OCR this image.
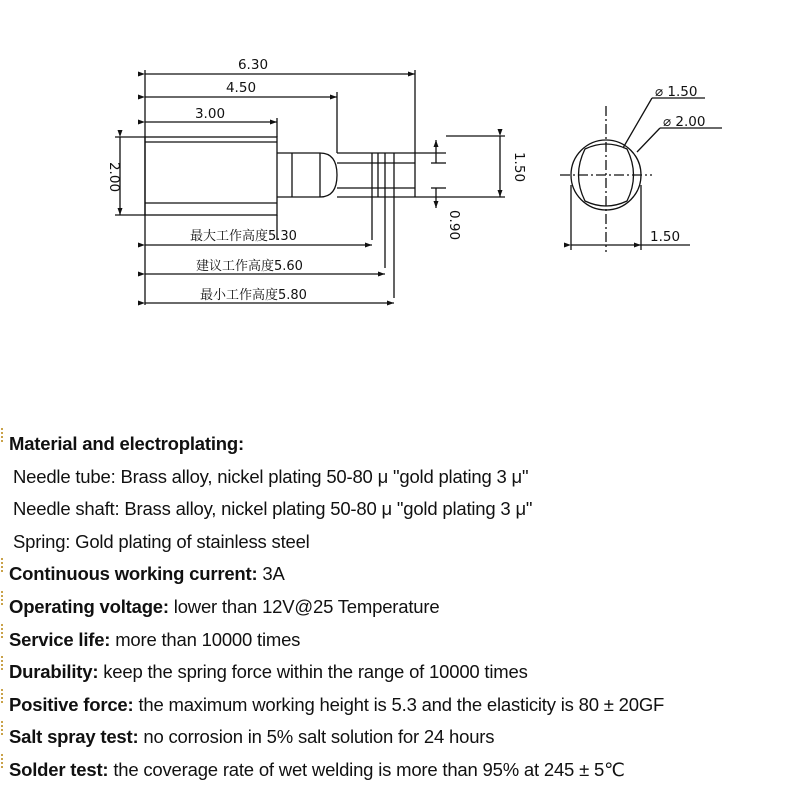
6.30
4.50
3.00
2.00	1.50
0.90
⌀ 1.50
⌀ 2.00
1.50
最大工作高度5.30
建议工作高度5.60
最小工作高度5.80
Material and electroplating:
Needle tube: Brass alloy, nickel plating 50-80 μ "gold plating 3 μ"
Needle shaft: Brass alloy, nickel plating 50-80 μ "gold plating 3 μ"
Spring: Gold plating of stainless steel
Continuous working current: 3A
Operating voltage: lower than 12V@25 Temperature
Service life: more than 10000 times
Durability: keep the spring force within the range of 10000 times
Positive force: the maximum working height is 5.3 and the elasticity is 80 ± 20GF
Salt spray test: no corrosion in 5% salt solution for 24 hours
Solder test: the coverage rate of wet welding is more than 95% at 245 ± 5℃
